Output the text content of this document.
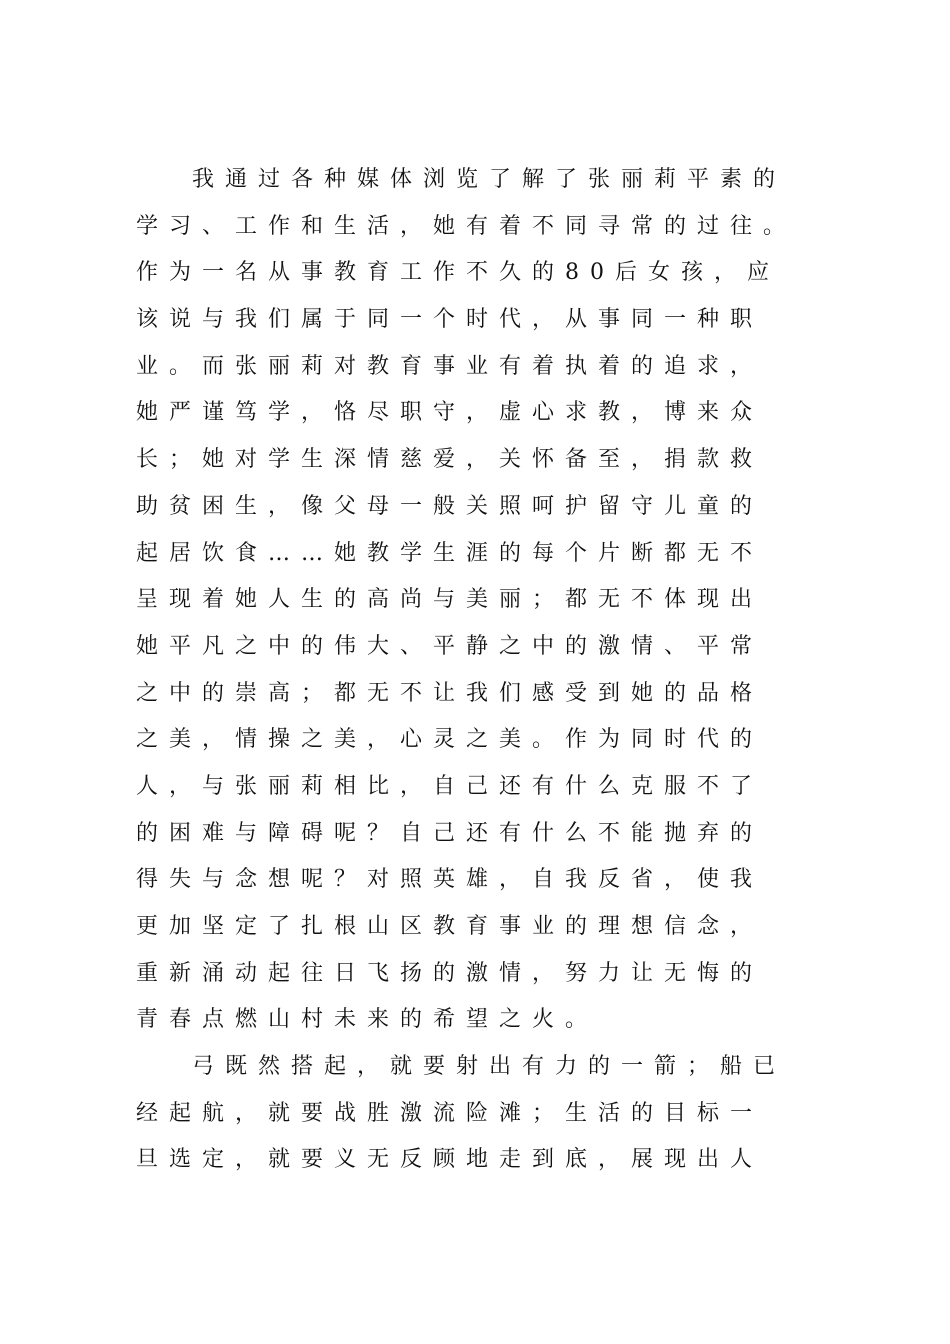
我通过各种媒体浏览了解了张丽莉平素的
学习、工作和生活，她有着不同寻常的过往。
作为一名从事教育工作不久的80后女孩，应
该说与我们属于同一个时代，从事同一种职
业。而张丽莉对教育事业有着执着的追求，
她严谨笃学，恪尽职守，虚心求教，博来众
长；她对学生深情慈爱，关怀备至，捐款救
助贫困生，像父母一般关照呵护留守儿童的
起居饮食……她教学生涯的每个片断都无不
呈现着她人生的高尚与美丽；都无不体现出
她平凡之中的伟大、平静之中的激情、平常
之中的崇高；都无不让我们感受到她的品格
之美，情操之美，心灵之美。作为同时代的
人，与张丽莉相比，自己还有什么克服不了
的困难与障碍呢？自己还有什么不能抛弃的
得失与念想呢？对照英雄，自我反省，使我
更加坚定了扎根山区教育事业的理想信念，
重新涌动起往日飞扬的激情，努力让无悔的
青春点燃山村未来的希望之火。
弓既然搭起，就要射出有力的一箭；船已
经起航，就要战胜激流险滩；生活的目标一
旦选定，就要义无反顾地走到底，展现出人
